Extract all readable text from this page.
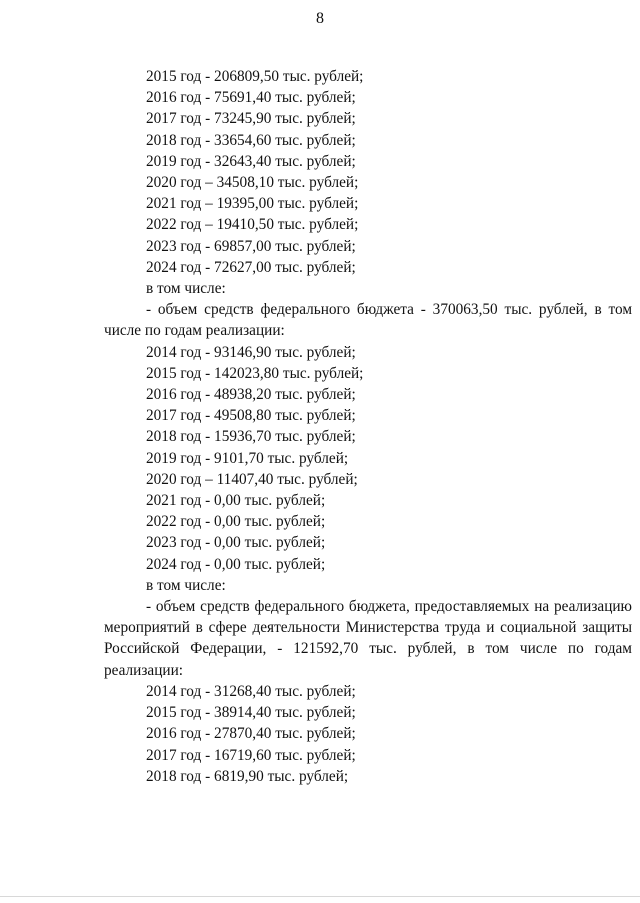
8
2015 год - 206809,50 тыс. рублей;
2016 год - 75691,40 тыс. рублей;
2017 год - 73245,90 тыс. рублей;
2018 год - 33654,60 тыс. рублей;
2019 год - 32643,40 тыс. рублей;
2020 год – 34508,10 тыс. рублей;
2021 год – 19395,00 тыс. рублей;
2022 год – 19410,50 тыс. рублей;
2023 год - 69857,00 тыс. рублей;
2024 год - 72627,00 тыс. рублей;
в том числе:
- объем средств федерального бюджета - 370063,50 тыс. рублей, в том числе по годам реализации:
2014 год - 93146,90 тыс. рублей;
2015 год - 142023,80 тыс. рублей;
2016 год - 48938,20 тыс. рублей;
2017 год - 49508,80 тыс. рублей;
2018 год - 15936,70 тыс. рублей;
2019 год - 9101,70 тыс. рублей;
2020 год – 11407,40 тыс. рублей;
2021 год - 0,00 тыс. рублей;
2022 год - 0,00 тыс. рублей;
2023 год - 0,00 тыс. рублей;
2024 год - 0,00 тыс. рублей;
в том числе:
- объем средств федерального бюджета, предоставляемых на реализацию мероприятий в сфере деятельности Министерства труда и социальной защиты Российской Федерации, - 121592,70 тыс. рублей, в том числе по годам реализации:
2014 год - 31268,40 тыс. рублей;
2015 год - 38914,40 тыс. рублей;
2016 год - 27870,40 тыс. рублей;
2017 год - 16719,60 тыс. рублей;
2018 год - 6819,90 тыс. рублей;
